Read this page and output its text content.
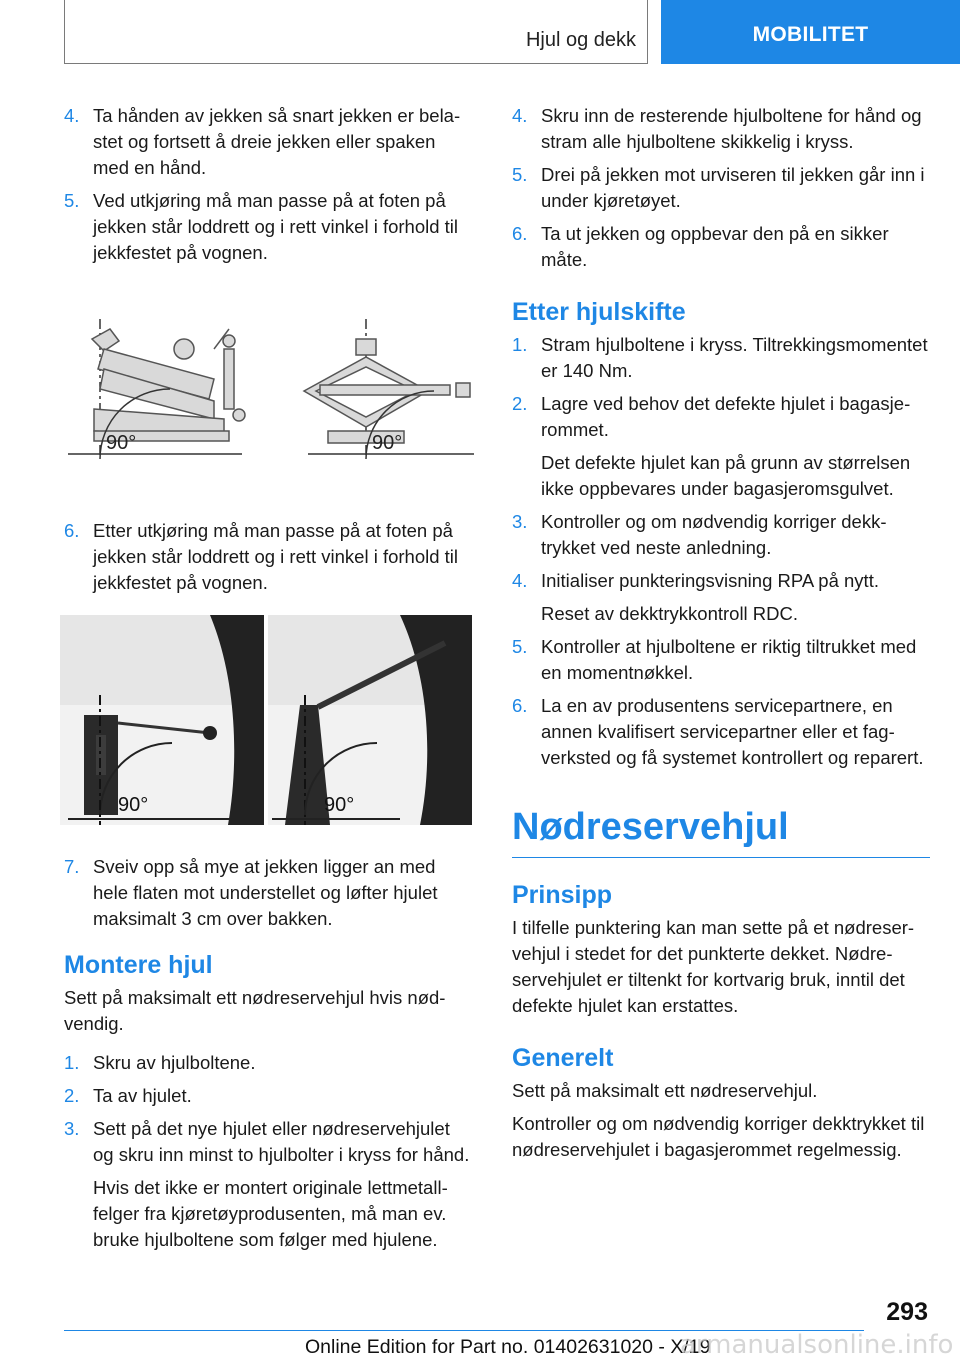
Hjul og dekk	MOBILITET
4. Ta hånden av jekken så snart jekken er belastet og fortsett å dreie jekken eller spaken med en hånd.
5. Ved utkjøring må man passe på at foten på jekken står loddrett og i rett vinkel i forhold til jekkfestet på vognen.
90°	90°
6. Etter utkjøring må man passe på at foten på jekken står loddrett og i rett vinkel i forhold til jekkfestet på vognen.
90°	90°
7. Sveiv opp så mye at jekken ligger an med hele flaten mot understellet og løfter hjulet maksimalt 3 cm over bakken.
Montere hjul
Sett på maksimalt ett nødreservehjul hvis nødvendig.
1. Skru av hjulboltene.
2. Ta av hjulet.
3. Sett på det nye hjulet eller nødreservehjulet og skru inn minst to hjulbolter i kryss for hånd.
Hvis det ikke er montert originale lettmetallfelger fra kjøretøyprodusenten, må man ev. bruke hjulboltene som følger med hjulene.
4. Skru inn de resterende hjulboltene for hånd og stram alle hjulboltene skikkelig i kryss.
5. Drei på jekken mot urviseren til jekken går inn i under kjøretøyet.
6. Ta ut jekken og oppbevar den på en sikker måte.
Etter hjulskifte
1. Stram hjulboltene i kryss. Tiltrekkingsmomentet er 140 Nm.
2. Lagre ved behov det defekte hjulet i bagasjerommet.
Det defekte hjulet kan på grunn av størrelsen ikke oppbevares under bagasjeromsgulvet.
3. Kontroller og om nødvendig korriger dekktrykket ved neste anledning.
4. Initialiser punkteringsvisning RPA på nytt.
Reset av dekktrykkontroll RDC.
5. Kontroller at hjulboltene er riktig tiltrukket med en momentnøkkel.
6. La en av produsentens servicepartnere, en annen kvalifisert servicepartner eller et fagverksted og få systemet kontrollert og reparert.
Nødreservehjul
Prinsipp
I tilfelle punktering kan man sette på et nødreservehjul i stedet for det punkterte dekket. Nødreservehjulet er tiltenkt for kortvarig bruk, inntil det defekte hjulet kan erstattes.
Generelt
Sett på maksimalt ett nødreservehjul.
Kontroller og om nødvendig korriger dekktrykket til nødreservehjulet i bagasjerommet regelmessig.
293
Online Edition for Part no. 01402631020 - X/19
armanualsonline.info
